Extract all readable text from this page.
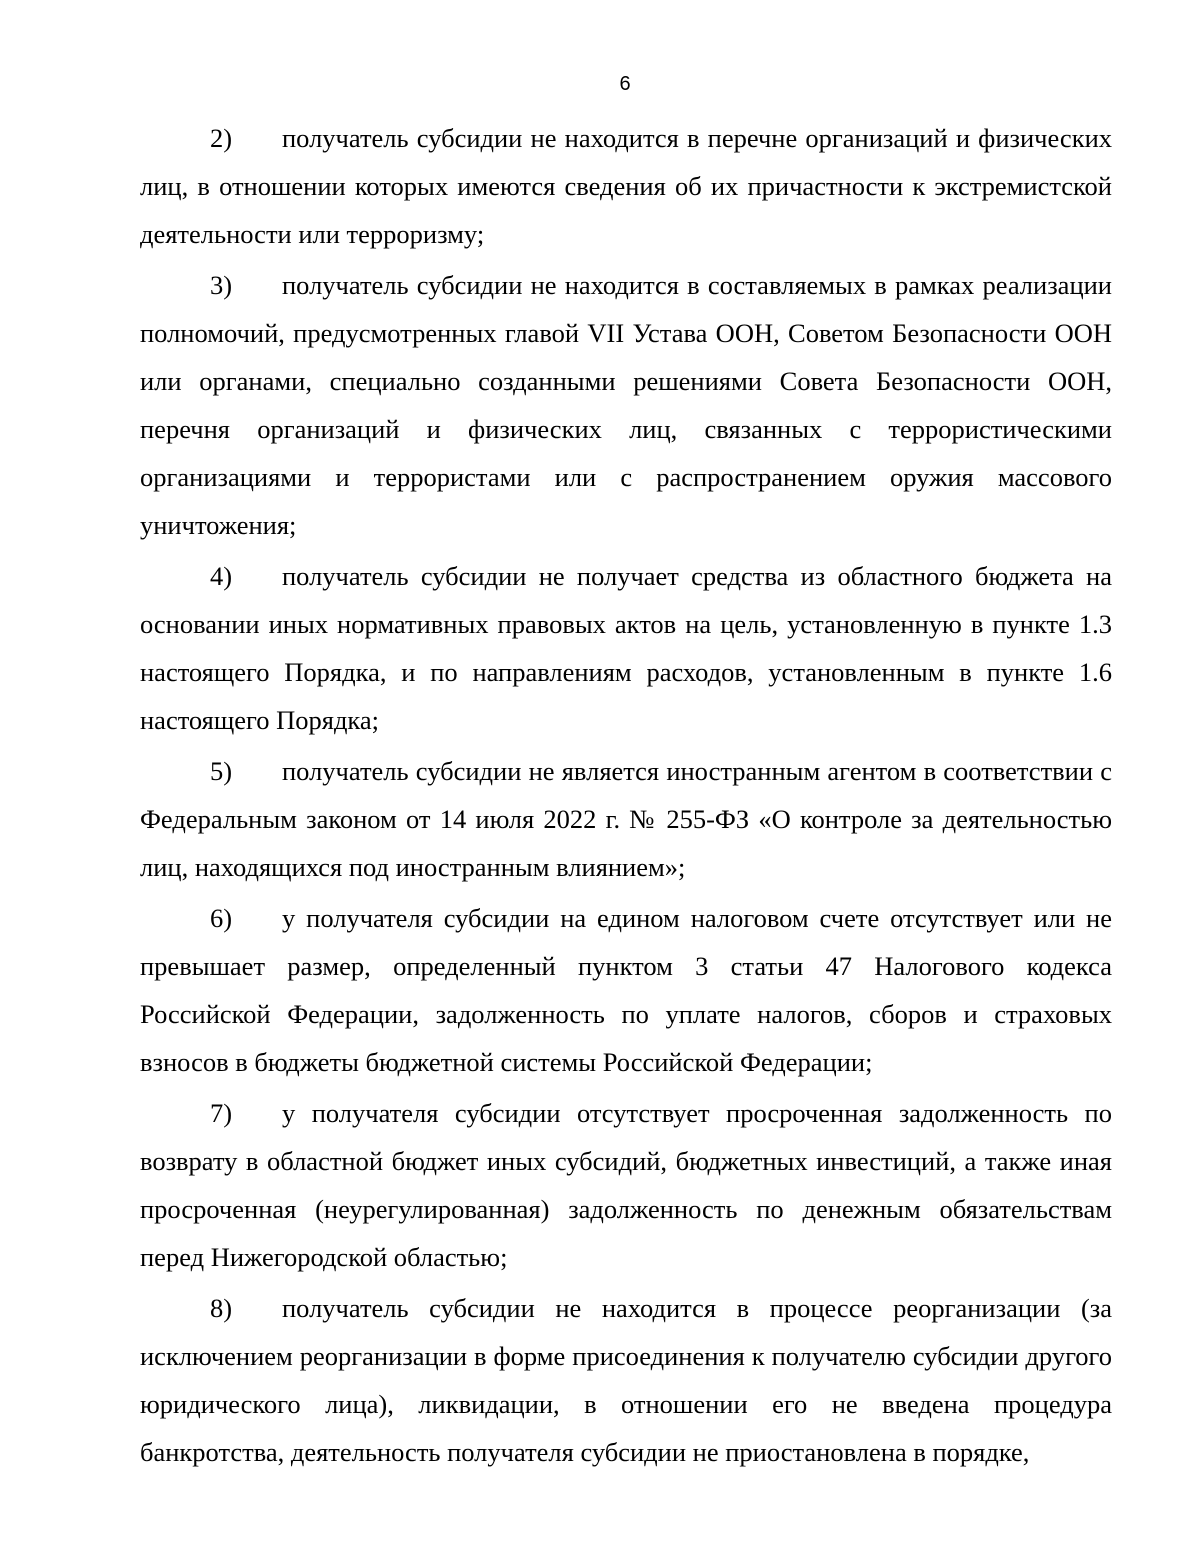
6

2) получатель субсидии не находится в перечне организаций и физических лиц, в отношении которых имеются сведения об их причастности к экстремистской деятельности или терроризму;

3) получатель субсидии не находится в составляемых в рамках реализации полномочий, предусмотренных главой VII Устава ООН, Советом Безопасности ООН или органами, специально созданными решениями Совета Безопасности ООН, перечня организаций и физических лиц, связанных с террористическими организациями и террористами или с распространением оружия массового уничтожения;

4) получатель субсидии не получает средства из областного бюджета на основании иных нормативных правовых актов на цель, установленную в пункте 1.3 настоящего Порядка, и по направлениям расходов, установленным в пункте 1.6 настоящего Порядка;

5) получатель субсидии не является иностранным агентом в соответствии с Федеральным законом от 14 июля 2022 г. № 255-ФЗ «О контроле за деятельностью лиц, находящихся под иностранным влиянием»;

6) у получателя субсидии на едином налоговом счете отсутствует или не превышает размер, определенный пунктом 3 статьи 47 Налогового кодекса Российской Федерации, задолженность по уплате налогов, сборов и страховых взносов в бюджеты бюджетной системы Российской Федерации;

7) у получателя субсидии отсутствует просроченная задолженность по возврату в областной бюджет иных субсидий, бюджетных инвестиций, а также иная просроченная (неурегулированная) задолженность по денежным обязательствам перед Нижегородской областью;

8) получатель субсидии не находится в процессе реорганизации (за исключением реорганизации в форме присоединения к получателю субсидии другого юридического лица), ликвидации, в отношении его не введена процедура банкротства, деятельность получателя субсидии не приостановлена в порядке,
